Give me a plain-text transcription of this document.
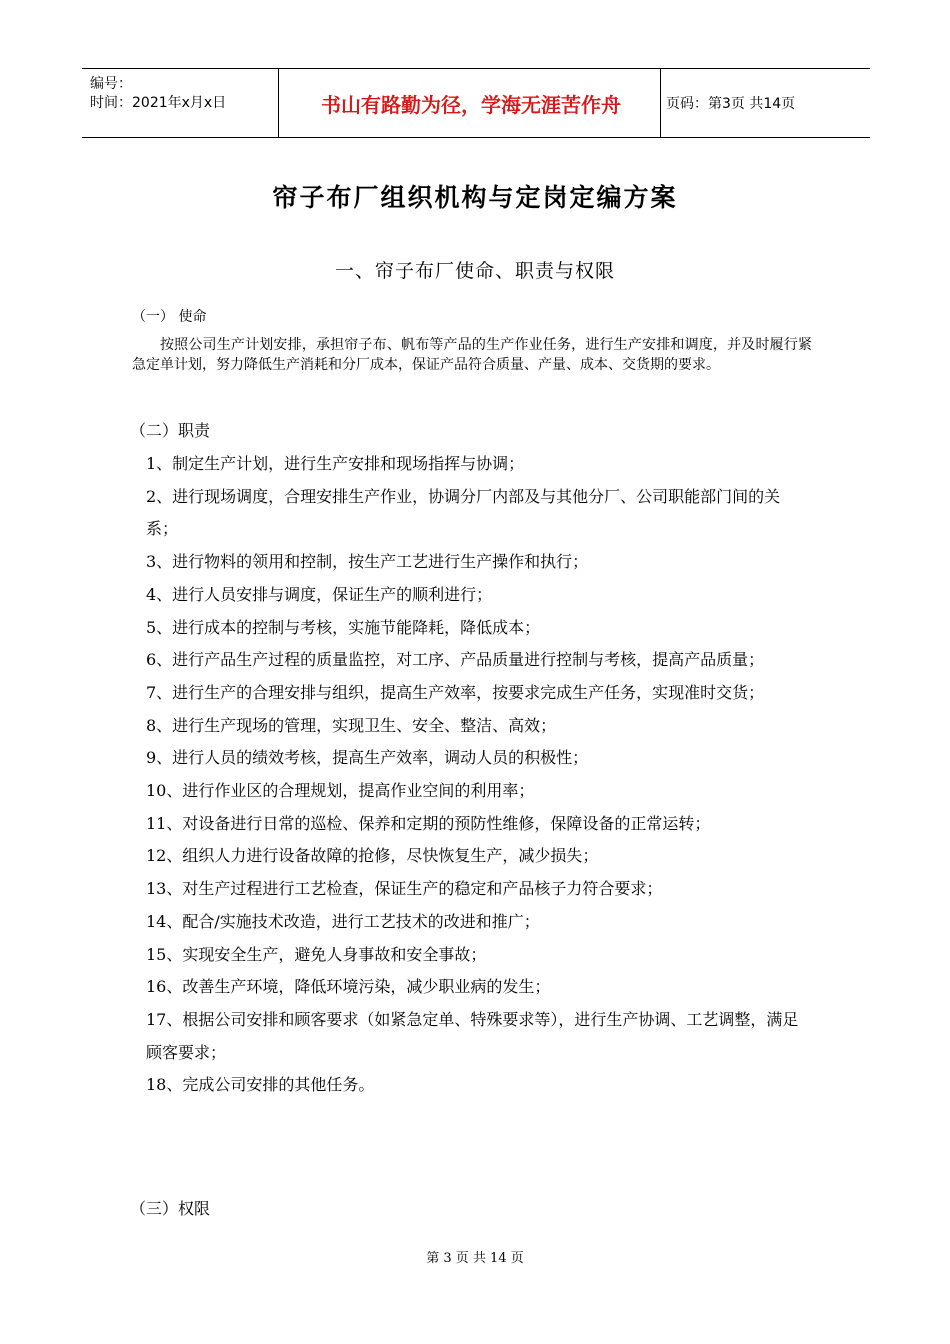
编号：
时间：2021年x月x日	书山有路勤为径，学海无涯苦作舟	页码：第3页 共14页
帘子布厂组织机构与定岗定编方案
一、帘子布厂使命、职责与权限
（一） 使命
按照公司生产计划安排，承担帘子布、帆布等产品的生产作业任务，进行生产安排和调度，并及时履行紧急定单计划，努力降低生产消耗和分厂成本，保证产品符合质量、产量、成本、交货期的要求。
（二）职责
1、制定生产计划，进行生产安排和现场指挥与协调；
2、进行现场调度，合理安排生产作业，协调分厂内部及与其他分厂、公司职能部门间的关系；
3、进行物料的领用和控制，按生产工艺进行生产操作和执行；
4、进行人员安排与调度，保证生产的顺利进行；
5、进行成本的控制与考核，实施节能降耗，降低成本；
6、进行产品生产过程的质量监控，对工序、产品质量进行控制与考核，提高产品质量；
7、进行生产的合理安排与组织，提高生产效率，按要求完成生产任务，实现准时交货；
8、进行生产现场的管理，实现卫生、安全、整洁、高效；
9、进行人员的绩效考核，提高生产效率，调动人员的积极性；
10、进行作业区的合理规划，提高作业空间的利用率；
11、对设备进行日常的巡检、保养和定期的预防性维修，保障设备的正常运转；
12、组织人力进行设备故障的抢修，尽快恢复生产，减少损失；
13、对生产过程进行工艺检查，保证生产的稳定和产品核子力符合要求；
14、配合/实施技术改造，进行工艺技术的改进和推广；
15、实现安全生产，避免人身事故和安全事故；
16、改善生产环境，降低环境污染，减少职业病的发生；
17、根据公司安排和顾客要求（如紧急定单、特殊要求等），进行生产协调、工艺调整，满足顾客要求；
18、完成公司安排的其他任务。
（三）权限
第 3 页 共 14 页
